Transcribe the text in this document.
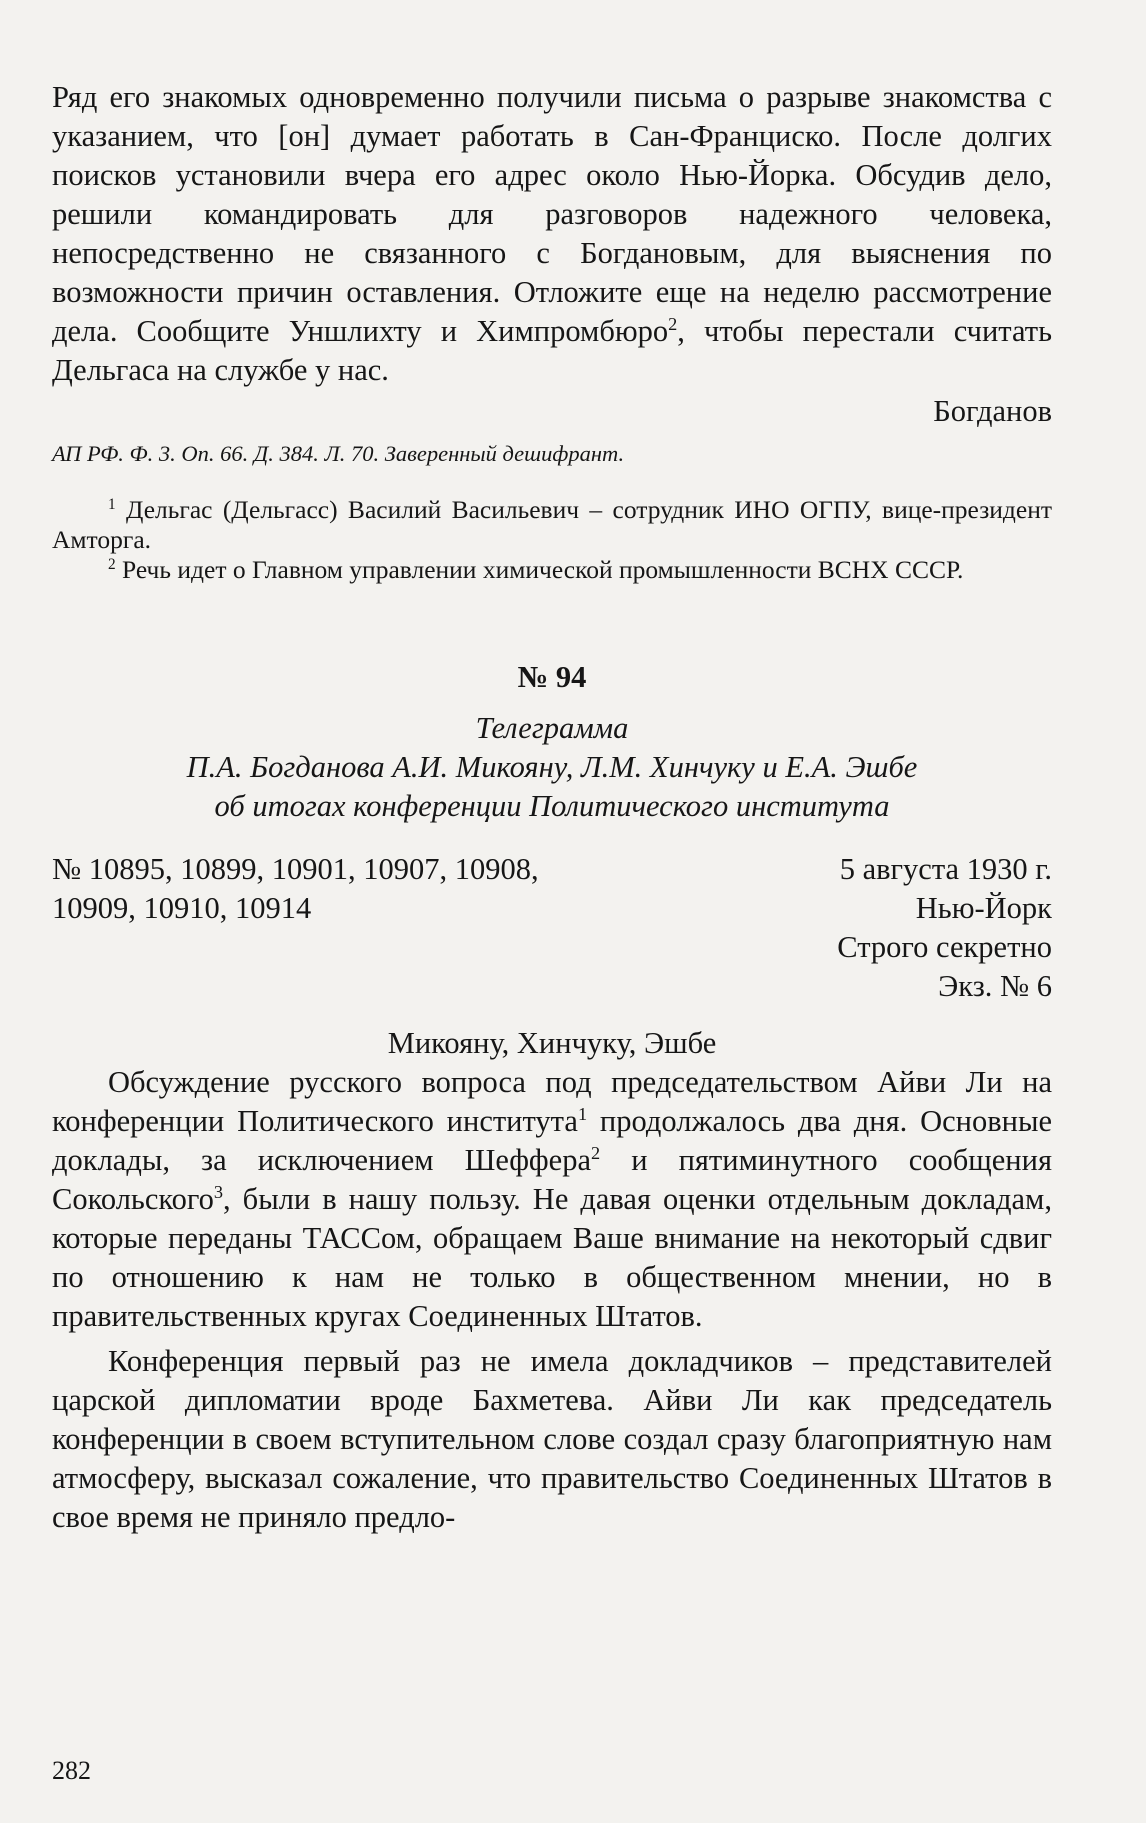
Ряд его знакомых одновременно получили письма о разрыве знакомства с указанием, что [он] думает работать в Сан-Франциско. После долгих поисков установили вчера его адрес около Нью-Йорка. Обсудив дело, решили командировать для разговоров надежного человека, непосредственно не связанного с Богдановым, для выяснения по возможности причин оставления. Отложите еще на неделю рассмотрение дела. Сообщите Уншлихту и Химпромбюро$^2$, чтобы перестали считать Дельгаса на службе у нас.

Богданов

АП РФ. Ф. 3. Оп. 66. Д. 384. Л. 70. Заверенный дешифрант.

$^1$ Дельгас (Дельгасс) Василий Васильевич – сотрудник ИНО ОГПУ, вице-президент Амторга.

$^2$ Речь идет о Главном управлении химической промышленности ВСНХ СССР.

№ 94

Телеграмма

П.А. Богданова А.И. Микояну, Л.М. Хинчуку и Е.А. Эшбе

об итогах конференции Политического института

№ 10895, 10899, 10901, 10907, 10908,
10909, 10910, 10914
5 августа 1930 г.
Нью-Йорк
Строго секретно
Экз. № 6

Микояну, Хинчуку, Эшбе

Обсуждение русского вопроса под председательством Айви Ли на конференции Политического института$^1$ продолжалось два дня. Основные доклады, за исключением Шеффера$^2$ и пятиминутного сообщения Сокольского$^3$, были в нашу пользу. Не давая оценки отдельным докладам, которые переданы ТАССом, обращаем Ваше внимание на некоторый сдвиг по отношению к нам не только в общественном мнении, но в правительственных кругах Соединенных Штатов.

Конференция первый раз не имела докладчиков – представителей царской дипломатии вроде Бахметева. Айви Ли как председатель конференции в своем вступительном слове создал сразу благоприятную нам атмосферу, высказал сожаление, что правительство Соединенных Штатов в свое время не приняло предло-

282
